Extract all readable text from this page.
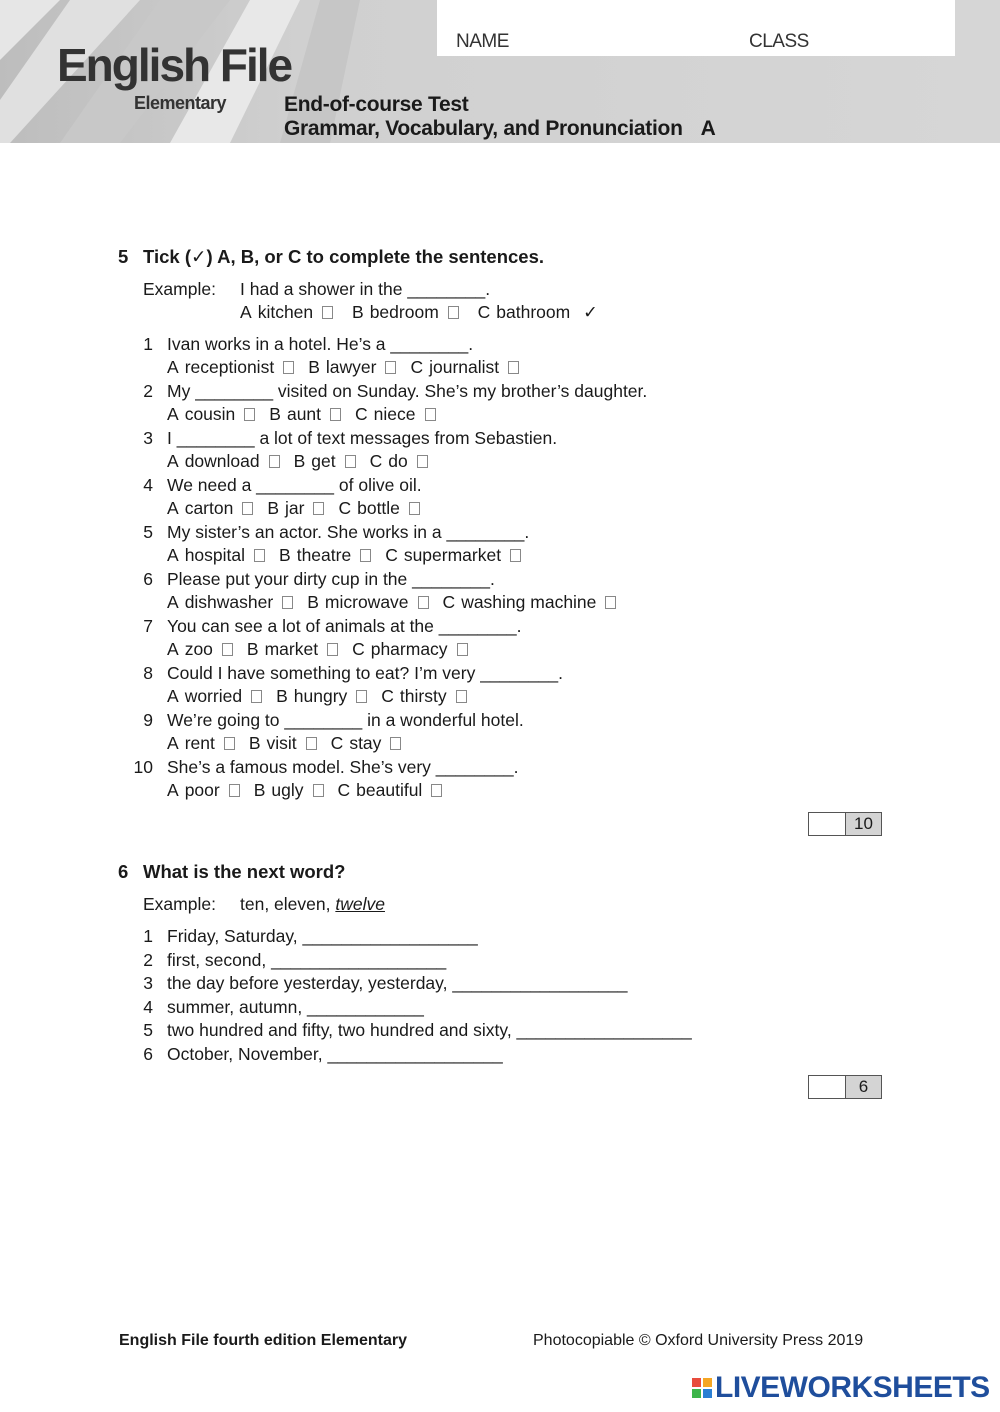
English File
Elementary
NAME	CLASS
End-of-course Test
Grammar, Vocabulary, and Pronunciation A
5 Tick (✓) A, B, or C to complete the sentences.
Example: I had a shower in the ________.
A kitchen B bedroom C bathroom ✓
1 Ivan works in a hotel. He’s a ________.
A receptionist B lawyer C journalist
2 My ________ visited on Sunday. She’s my brother’s daughter.
A cousin B aunt C niece
3 I ________ a lot of text messages from Sebastien.
A download B get C do
4 We need a ________ of olive oil.
A carton B jar C bottle
5 My sister’s an actor. She works in a ________.
A hospital B theatre C supermarket
6 Please put your dirty cup in the ________.
A dishwasher B microwave C washing machine
7 You can see a lot of animals at the ________.
A zoo B market C pharmacy
8 Could I have something to eat? I’m very ________.
A worried B hungry C thirsty
9 We’re going to ________ in a wonderful hotel.
A rent B visit C stay
10 She’s a famous model. She’s very ________.
A poor B ugly C beautiful
10
6 What is the next word?
Example: ten, eleven, twelve
1 Friday, Saturday, __________________
2 first, second, __________________
3 the day before yesterday, yesterday, __________________
4 summer, autumn, ____________
5 two hundred and fifty, two hundred and sixty, __________________
6 October, November, __________________
6
English File fourth edition Elementary	Photocopiable © Oxford University Press 2019
LIVEWORKSHEETS
